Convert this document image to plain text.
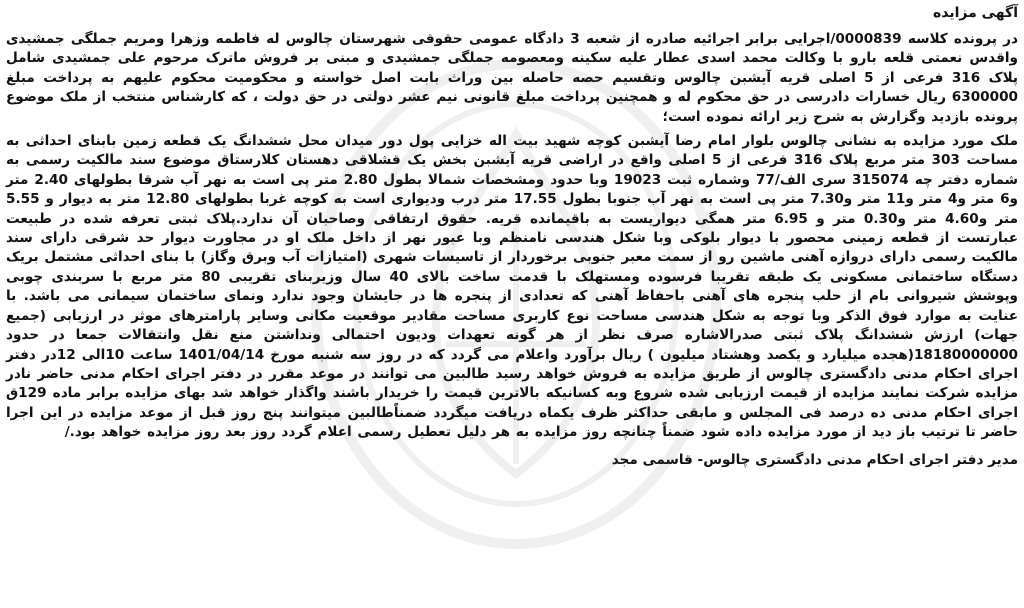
آگهی مزایده

در پرونده کلاسه 0000839/اجرایی برابر اجرائیه صادره از شعبه 3 دادگاه عمومی حقوقی شهرستان چالوس له فاطمه وزهرا ومریم جملگی جمشیدی واقدس نعمتی قلعه بارو با وکالت محمد اسدی عطار علیه سکینه ومعصومه جملگی جمشیدی و مبنی بر فروش ماترک مرحوم علی جمشیدی شامل پلاک 316 فرعی از 5 اصلی قریه آیشبن چالوس وتقسیم حصه حاصله بین وراث بابت اصل خواسته و محکومیت محکوم علیهم به پرداخت مبلغ 6300000 ریال خسارات دادرسی در حق محکوم له و همچنین پرداخت مبلغ قانونی نیم عشر دولتی در حق دولت ، که کارشناس منتخب از ملک موضوع پرونده بازدید وگزارش به شرح زیر ارائه نموده است؛

ملک مورد مزایده به نشانی چالوس بلوار امام رضا آیشبن کوچه شهید بیت اله خزایی پول دور میدان محل ششدانگ یک قطعه زمین بابنای احداثی به مساحت 303 متر مربع پلاک 316 فرعی از 5 اصلی واقع در اراضی قریه آیشبن بخش یک قشلاقی دهستان کلارستاق موضوع سند مالکیت رسمی به شماره دفتر چه 315074 سری الف/77 وشماره ثبت 19023 وبا حدود ومشخصات شمالا بطول 2.80 متر پی است به نهر آب شرقا بطولهای 2.40 متر و6 متر و4 متر و11 متر و7.30 متر پی است به نهر آب جنوبا بطول 17.55 متر درب ودیواری است به کوچه غربا بطولهای 12.80 متر به دیوار و 5.55 متر و4.60 متر و0.30 متر و 6.95 متر همگی دیواریست به باقیمانده قریه. حقوق ارتفاقی وصاحبان آن ندارد.پلاک ثبتی تعرفه شده در طبیعت عبارتست از قطعه زمینی محصور با دیوار بلوکی وبا شکل هندسی نامنظم وبا عبور نهر از داخل ملک او در مجاورت دیوار حد شرقی دارای سند مالکیت رسمی دارای دروازه آهنی ماشین رو از سمت معبر جنوبی برخوردار از تاسیسات شهری (امتیازات آب وبرق وگاز) با بنای احداثی مشتمل بریک دستگاه ساختمانی مسکونی یک طبقه تقریبا فرسوده ومستهلک با قدمت ساخت بالای 40 سال وزیربنای تقریبی 80 متر مربع با سربندی چوبی وپوشش شیروانی بام از حلب پنجره های آهنی باحفاظ آهنی که تعدادی از پنجره ها در جایشان وجود ندارد ونمای ساختمان سیمانی می باشد. با عنایت به موارد فوق الذکر وبا توجه به شکل هندسی مساحت نوع کاربری مساحت مقادیر موقعیت مکانی وسایر پارامترهای موثر در ارزیابی (جمیع جهات) ارزش ششدانگ پلاک ثبتی صدرالاشاره صرف نظر از هر گونه تعهدات ودیون احتمالی ونداشتن منع نقل وانتقالات جمعا در حدود 18180000000(هجده میلیارد و یکصد وهشتاد میلیون ) ریال برآورد واعلام می گردد که در روز سه شنبه مورخ 1401/04/14 ساعت 10الی 12در دفتر اجرای احکام مدنی دادگستری چالوس از طریق مزایده به فروش خواهد رسید طالبین می توانند در موعد مقرر در دفتر اجرای احکام مدنی حاضر نادر مزایده شرکت نمایند مزایده از قیمت ارزیابی شده شروع وبه کسانیکه بالاترین قیمت را خریدار باشند واگذار خواهد شد بهای مزایده برابر ماده 129ق اجرای احکام مدنی ده درصد فی المجلس و مابقی حداکثر ظرف یکماه دریافت میگردد ضمناًطالبین میتوانند پنج روز قبل از موعد مزایده در این اجرا حاضر تا ترتیب باز دید از مورد مزایده داده شود ضمناً چنانچه روز مزایده به هر دلیل تعطیل رسمی اعلام گردد روز بعد روز مزایده خواهد بود./

مدیر دفتر اجرای احکام مدنی دادگستری چالوس- قاسمی مجد
